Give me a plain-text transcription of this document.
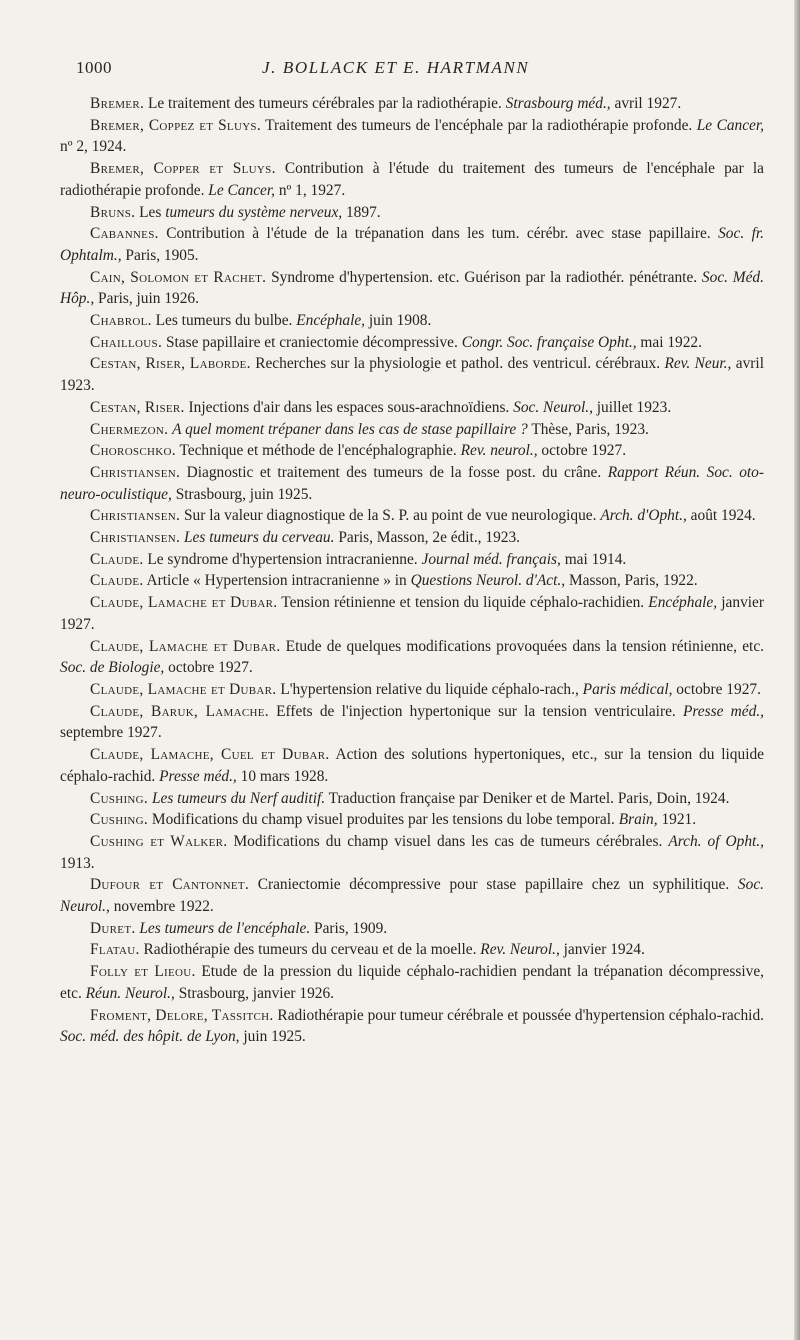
1000	J. BOLLACK ET E. HARTMANN

Bremer. Le traitement des tumeurs cérébrales par la radiothérapie. Strasbourg méd., avril 1927.

Bremer, Coppez et Sluys. Traitement des tumeurs de l'encéphale par la radiothérapie profonde. Le Cancer, nº 2, 1924.

Bremer, Copper et Sluys. Contribution à l'étude du traitement des tumeurs de l'encéphale par la radiothérapie profonde. Le Cancer, nº 1, 1927.

Bruns. Les tumeurs du système nerveux, 1897.

Cabannes. Contribution à l'étude de la trépanation dans les tum. cérébr. avec stase papillaire. Soc. fr. Ophtalm., Paris, 1905.

Cain, Solomon et Rachet. Syndrome d'hypertension. etc. Guérison par la radiothér. pénétrante. Soc. Méd. Hôp., Paris, juin 1926.

Chabrol. Les tumeurs du bulbe. Encéphale, juin 1908.

Chaillous. Stase papillaire et craniectomie décompressive. Congr. Soc. française Opht., mai 1922.

Cestan, Riser, Laborde. Recherches sur la physiologie et pathol. des ventricul. cérébraux. Rev. Neur., avril 1923.

Cestan, Riser. Injections d'air dans les espaces sous-arachnoïdiens. Soc. Neurol., juillet 1923.

Chermezon. A quel moment trépaner dans les cas de stase papillaire ? Thèse, Paris, 1923.

Choroschko. Technique et méthode de l'encéphalographie. Rev. neurol., octobre 1927.

Christiansen. Diagnostic et traitement des tumeurs de la fosse post. du crâne. Rapport Réun. Soc. oto-neuro-oculistique, Strasbourg, juin 1925.

Christiansen. Sur la valeur diagnostique de la S. P. au point de vue neurologique. Arch. d'Opht., août 1924.

Christiansen. Les tumeurs du cerveau. Paris, Masson, 2e édit., 1923.

Claude. Le syndrome d'hypertension intracranienne. Journal méd. français, mai 1914.

Claude. Article « Hypertension intracranienne » in Questions Neurol. d'Act., Masson, Paris, 1922.

Claude, Lamache et Dubar. Tension rétinienne et tension du liquide céphalo-rachidien. Encéphale, janvier 1927.

Claude, Lamache et Dubar. Etude de quelques modifications provoquées dans la tension rétinienne, etc. Soc. de Biologie, octobre 1927.

Claude, Lamache et Dubar. L'hypertension relative du liquide céphalo-rach., Paris médical, octobre 1927.

Claude, Baruk, Lamache. Effets de l'injection hypertonique sur la tension ventriculaire. Presse méd., septembre 1927.

Claude, Lamache, Cuel et Dubar. Action des solutions hypertoniques, etc., sur la tension du liquide céphalo-rachid. Presse méd., 10 mars 1928.

Cushing. Les tumeurs du Nerf auditif. Traduction française par Deniker et de Martel. Paris, Doin, 1924.

Cushing. Modifications du champ visuel produites par les tensions du lobe temporal. Brain, 1921.

Cushing et Walker. Modifications du champ visuel dans les cas de tumeurs cérébrales. Arch. of Opht., 1913.

Dufour et Cantonnet. Craniectomie décompressive pour stase papillaire chez un syphilitique. Soc. Neurol., novembre 1922.

Duret. Les tumeurs de l'encéphale. Paris, 1909.

Flatau. Radiothérapie des tumeurs du cerveau et de la moelle. Rev. Neurol., janvier 1924.

Folly et Lieou. Etude de la pression du liquide céphalo-rachidien pendant la trépanation décompressive, etc. Réun. Neurol., Strasbourg, janvier 1926.

Froment, Delore, Tassitch. Radiothérapie pour tumeur cérébrale et poussée d'hypertension céphalo-rachid. Soc. méd. des hôpit. de Lyon, juin 1925.
